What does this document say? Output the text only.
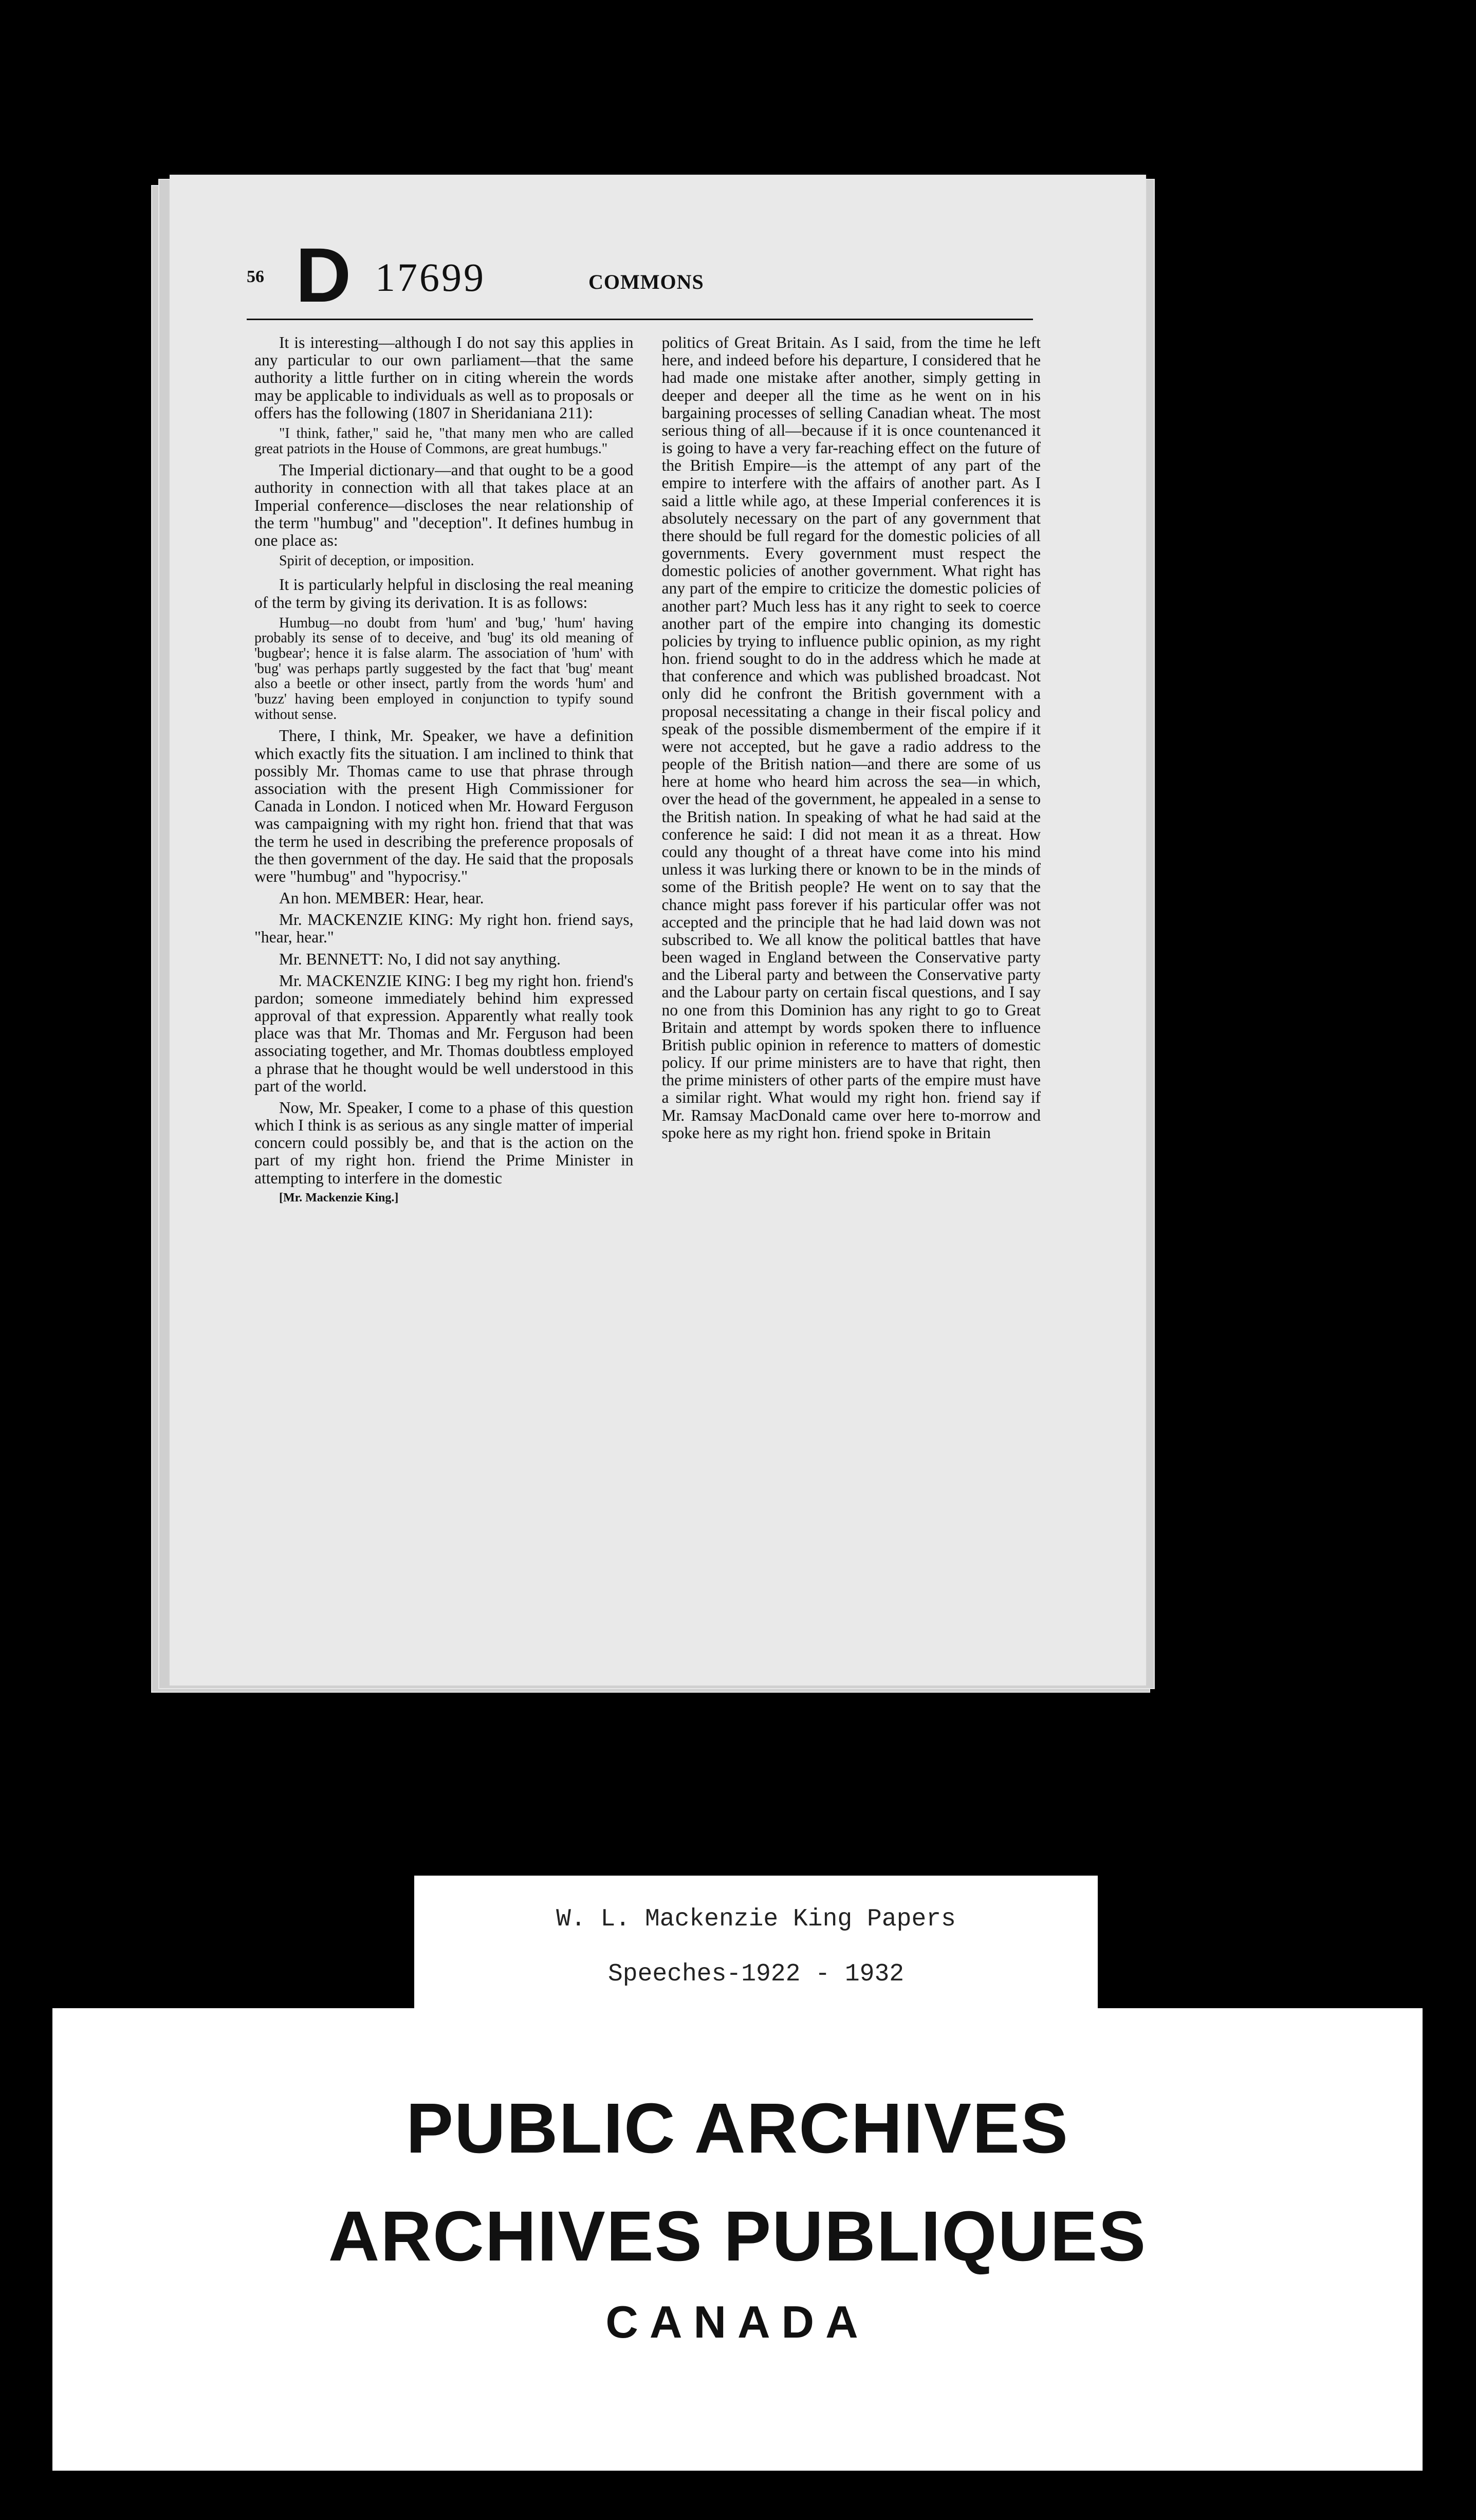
56 D 17699	COMMONS

It is interesting—although I do not say this applies in any particular to our own parliament—that the same authority a little further on in citing wherein the words may be applicable to individuals as well as to proposals or offers has the following (1807 in Sheridaniana 211):

"I think, father," said he, "that many men who are called great patriots in the House of Commons, are great humbugs."

The Imperial dictionary—and that ought to be a good authority in connection with all that takes place at an Imperial conference—discloses the near relationship of the term "humbug" and "deception". It defines humbug in one place as:

Spirit of deception, or imposition.

It is particularly helpful in disclosing the real meaning of the term by giving its derivation. It is as follows:

Humbug—no doubt from 'hum' and 'bug,' 'hum' having probably its sense of to deceive, and 'bug' its old meaning of 'bugbear'; hence it is false alarm. The association of 'hum' with 'bug' was perhaps partly suggested by the fact that 'bug' meant also a beetle or other insect, partly from the words 'hum' and 'buzz' having been employed in conjunction to typify sound without sense.

There, I think, Mr. Speaker, we have a definition which exactly fits the situation. I am inclined to think that possibly Mr. Thomas came to use that phrase through association with the present High Commissioner for Canada in London. I noticed when Mr. Howard Ferguson was campaigning with my right hon. friend that that was the term he used in describing the preference proposals of the then government of the day. He said that the proposals were "humbug" and "hypocrisy."

An hon. MEMBER: Hear, hear.

Mr. MACKENZIE KING: My right hon. friend says, "hear, hear."

Mr. BENNETT: No, I did not say anything.

Mr. MACKENZIE KING: I beg my right hon. friend's pardon; someone immediately behind him expressed approval of that expression. Apparently what really took place was that Mr. Thomas and Mr. Ferguson had been associating together, and Mr. Thomas doubtless employed a phrase that he thought would be well understood in this part of the world.

Now, Mr. Speaker, I come to a phase of this question which I think is as serious as any single matter of imperial concern could possibly be, and that is the action on the part of my right hon. friend the Prime Minister in attempting to interfere in the domestic

[Mr. Mackenzie King.]

politics of Great Britain. As I said, from the time he left here, and indeed before his departure, I considered that he had made one mistake after another, simply getting in deeper and deeper all the time as he went on in his bargaining processes of selling Canadian wheat. The most serious thing of all—because if it is once countenanced it is going to have a very far-reaching effect on the future of the British Empire—is the attempt of any part of the empire to interfere with the affairs of another part. As I said a little while ago, at these Imperial conferences it is absolutely necessary on the part of any government that there should be full regard for the domestic policies of all governments. Every government must respect the domestic policies of another government. What right has any part of the empire to criticize the domestic policies of another part? Much less has it any right to seek to coerce another part of the empire into changing its domestic policies by trying to influence public opinion, as my right hon. friend sought to do in the address which he made at that conference and which was published broadcast. Not only did he confront the British government with a proposal necessitating a change in their fiscal policy and speak of the possible dismemberment of the empire if it were not accepted, but he gave a radio address to the people of the British nation—and there are some of us here at home who heard him across the sea—in which, over the head of the government, he appealed in a sense to the British nation. In speaking of what he had said at the conference he said: I did not mean it as a threat. How could any thought of a threat have come into his mind unless it was lurking there or known to be in the minds of some of the British people? He went on to say that the chance might pass forever if his particular offer was not accepted and the principle that he had laid down was not subscribed to. We all know the political battles that have been waged in England between the Conservative party and the Liberal party and between the Conservative party and the Labour party on certain fiscal questions, and I say no one from this Dominion has any right to go to Great Britain and attempt by words spoken there to influence British public opinion in reference to matters of domestic policy. If our prime ministers are to have that right, then the prime ministers of other parts of the empire must have a similar right. What would my right hon. friend say if Mr. Ramsay MacDonald came over here to-morrow and spoke here as my right hon. friend spoke in Britain

W. L. Mackenzie King Papers
Speeches-1922 - 1932
PUBLIC ARCHIVES
ARCHIVES PUBLIQUES
CANADA
